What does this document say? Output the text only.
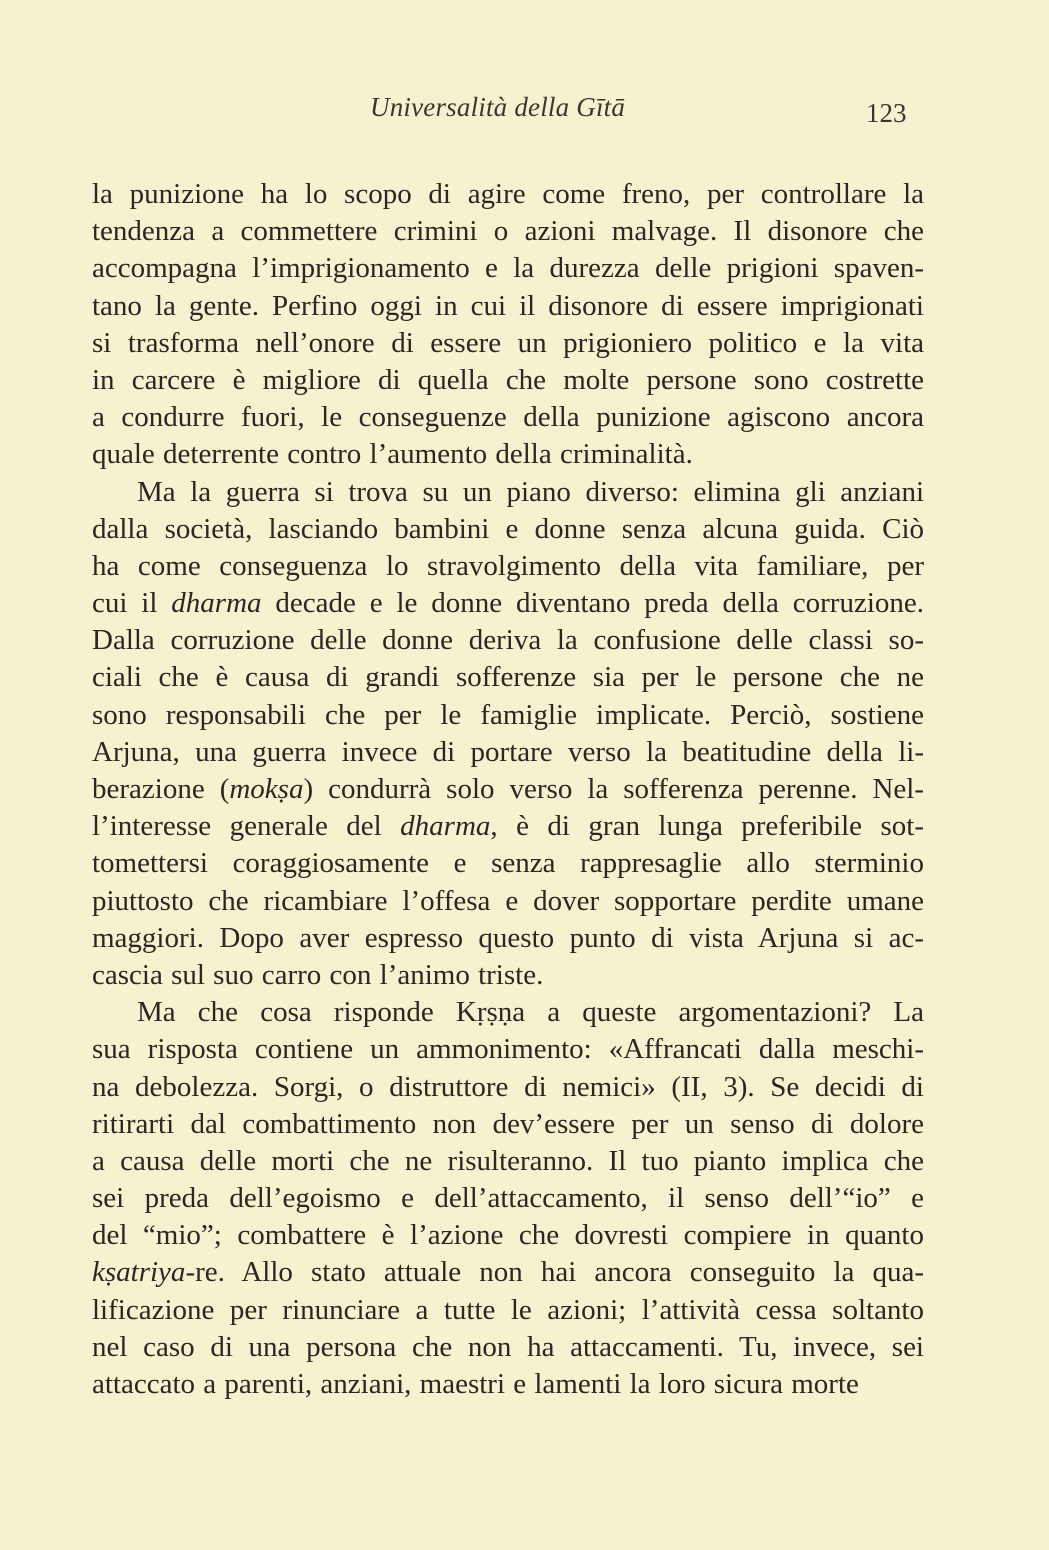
Universalità della Gītā	123
la punizione ha lo scopo di agire come freno, per controllare la
tendenza a commettere crimini o azioni malvage. Il disonore che
accompagna l’imprigionamento e la durezza delle prigioni spaven-
tano la gente. Perfino oggi in cui il disonore di essere imprigionati
si trasforma nell’onore di essere un prigioniero politico e la vita
in carcere è migliore di quella che molte persone sono costrette
a condurre fuori, le conseguenze della punizione agiscono ancora
quale deterrente contro l’aumento della criminalità.
Ma la guerra si trova su un piano diverso: elimina gli anziani
dalla società, lasciando bambini e donne senza alcuna guida. Ciò
ha come conseguenza lo stravolgimento della vita familiare, per
cui il dharma decade e le donne diventano preda della corruzione.
Dalla corruzione delle donne deriva la confusione delle classi so-
ciali che è causa di grandi sofferenze sia per le persone che ne
sono responsabili che per le famiglie implicate. Perciò, sostiene
Arjuna, una guerra invece di portare verso la beatitudine della li-
berazione (mokṣa) condurrà solo verso la sofferenza perenne. Nel-
l’interesse generale del dharma, è di gran lunga preferibile sot-
tomettersi coraggiosamente e senza rappresaglie allo sterminio
piuttosto che ricambiare l’offesa e dover sopportare perdite umane
maggiori. Dopo aver espresso questo punto di vista Arjuna si ac-
cascia sul suo carro con l’animo triste.
Ma che cosa risponde Kṛṣṇa a queste argomentazioni? La
sua risposta contiene un ammonimento: «Affrancati dalla meschi-
na debolezza. Sorgi, o distruttore di nemici» (II, 3). Se decidi di
ritirarti dal combattimento non dev’essere per un senso di dolore
a causa delle morti che ne risulteranno. Il tuo pianto implica che
sei preda dell’egoismo e dell’attaccamento, il senso dell’“io” e
del “mio”; combattere è l’azione che dovresti compiere in quanto
kṣatriya-re. Allo stato attuale non hai ancora conseguito la qua-
lificazione per rinunciare a tutte le azioni; l’attività cessa soltanto
nel caso di una persona che non ha attaccamenti. Tu, invece, sei
attaccato a parenti, anziani, maestri e lamenti la loro sicura morte
